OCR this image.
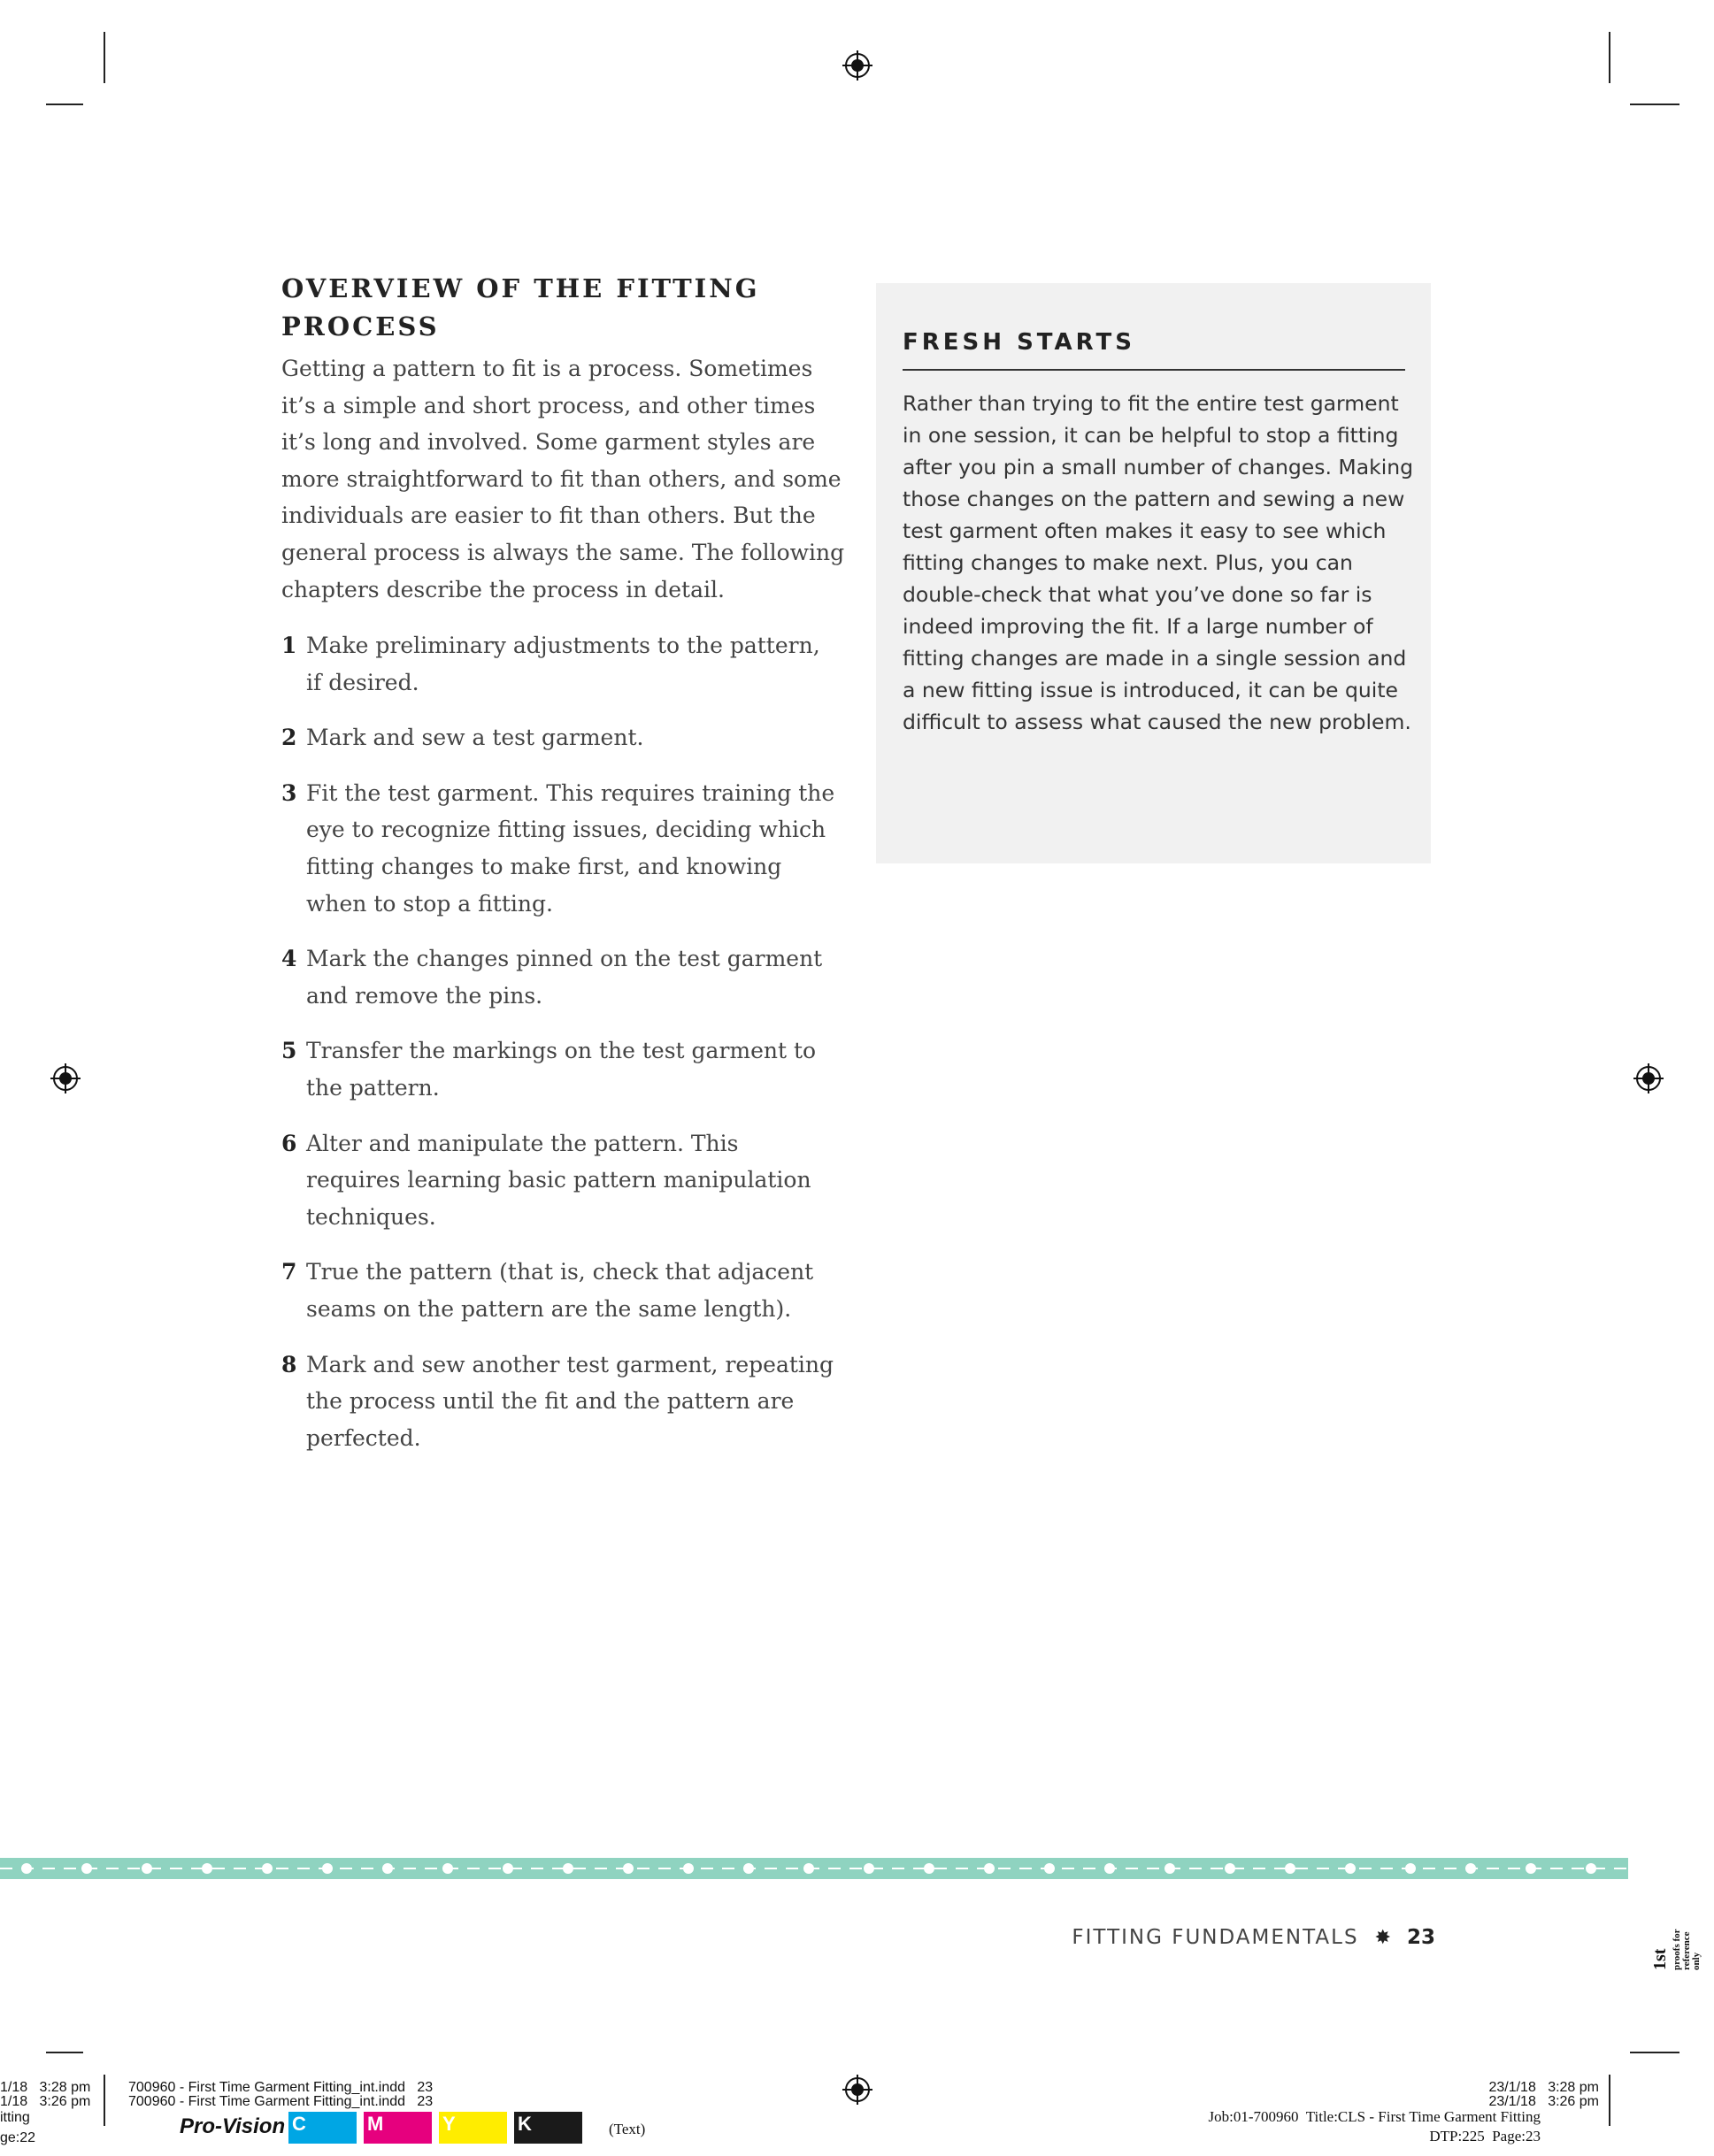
OVERVIEW OF THE FITTING PROCESS

Getting a pattern to fit is a process. Sometimes it’s a simple and short process, and other times it’s long and involved. Some garment styles are more straightforward to fit than others, and some individuals are easier to fit than others. But the general process is always the same. The following chapters describe the process in detail.

1 Make preliminary adjustments to the pattern, if desired.
2 Mark and sew a test garment.
3 Fit the test garment. This requires training the eye to recognize fitting issues, deciding which fitting changes to make first, and knowing when to stop a fitting.
4 Mark the changes pinned on the test garment and remove the pins.
5 Transfer the markings on the test garment to the pattern.
6 Alter and manipulate the pattern. This requires learning basic pattern manipulation techniques.
7 True the pattern (that is, check that adjacent seams on the pattern are the same length).
8 Mark and sew another test garment, repeating the process until the fit and the pattern are perfected.
FRESH STARTS

Rather than trying to fit the entire test garment in one session, it can be helpful to stop a fitting after you pin a small number of changes. Making those changes on the pattern and sewing a new test garment often makes it easy to see which fitting changes to make next. Plus, you can double-check that what you’ve done so far is indeed improving the fit. If a large number of fitting changes are made in a single session and a new fitting issue is introduced, it can be quite difficult to assess what caused the new problem.

FITTING FUNDAMENTALS ✸ 23
1st proofs for reference only
1/18   3:28 pm
1/18   3:26 pm
itting
ge:22
700960 - First Time Garment Fitting_int.indd   23
700960 - First Time Garment Fitting_int.indd   23
Pro-Vision C	M	Y	K	(Text)
23/1/18   3:28 pm
23/1/18   3:26 pm
Job:01-700960  Title:CLS - First Time Garment Fitting
DTP:225  Page:23
